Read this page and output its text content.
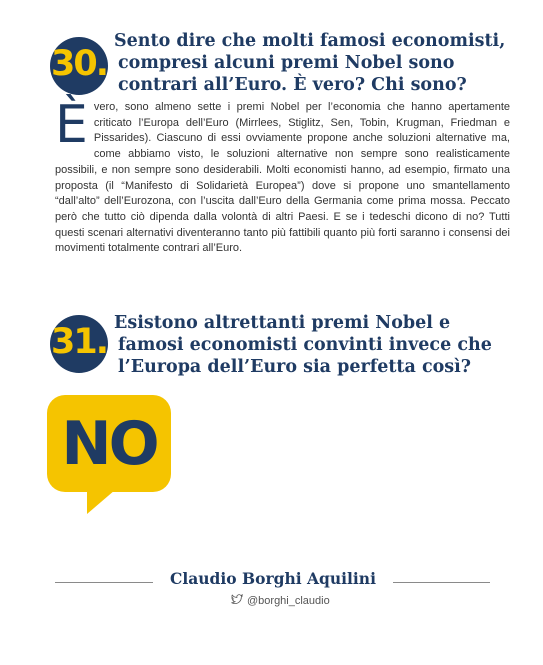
30.
Sento dire che molti famosi economisti,
compresi alcuni premi Nobel sono
contrari all’Euro. È vero? Chi sono?

È vero, sono almeno sette i premi Nobel per l’economia che hanno apertamente criticato l’Europa dell’Euro (Mirrlees, Stiglitz, Sen, Tobin, Krugman, Friedman e Pissarides). Ciascuno di essi ovviamente propone anche soluzioni alternative ma, come abbiamo visto, le soluzioni alternative non sempre sono realisticamente possibili, e non sempre sono desiderabili. Molti economisti hanno, ad esempio, firmato una proposta (il “Manifesto di Solidarietà Europea”) dove si propone uno smantellamento “dall’alto” dell’Eurozona, con l’uscita dall’Euro della Germania come prima mossa. Peccato però che tutto ciò dipenda dalla volontà di altri Paesi. E se i tedeschi dicono di no? Tutti questi scenari alternativi diventeranno tanto più fattibili quanto più forti saranno i consensi dei movimenti totalmente contrari all’Euro.

31. Esistono altrettanti premi Nobel e
famosi economisti convinti invece che
l’Europa dell’Euro sia perfetta così?
NO
Claudio Borghi Aquilini
@borghi_claudio
